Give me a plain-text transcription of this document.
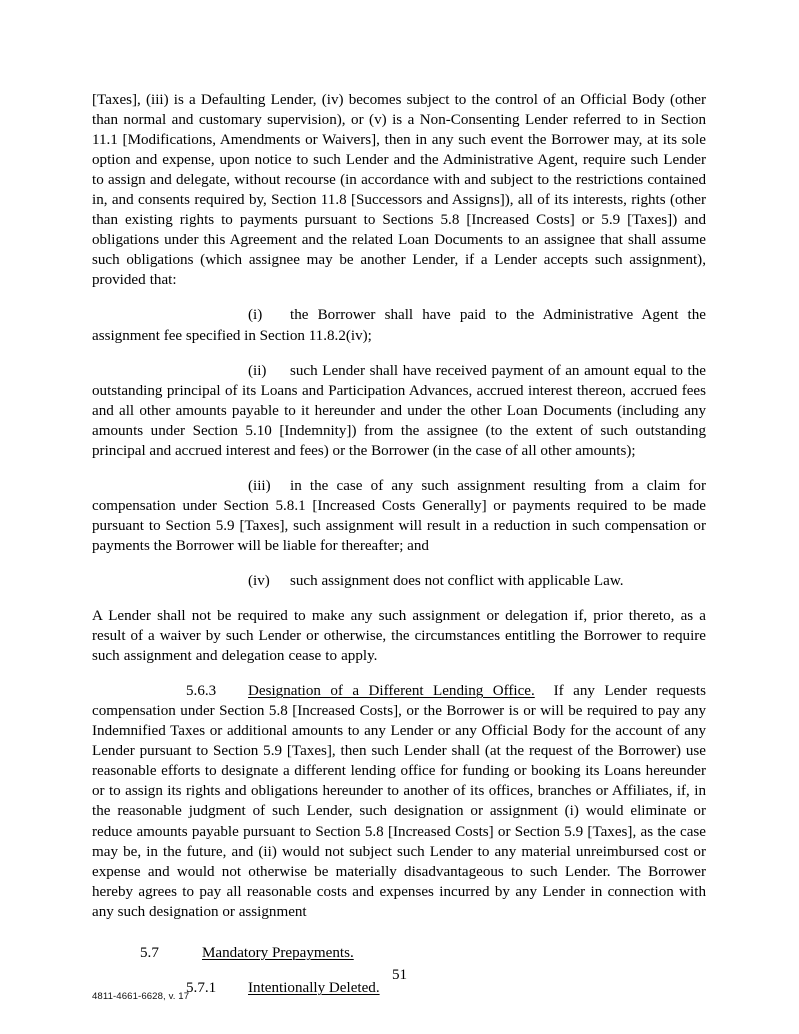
[Taxes], (iii) is a Defaulting Lender, (iv) becomes subject to the control of an Official Body (other than normal and customary supervision), or (v) is a Non-Consenting Lender referred to in Section 11.1 [Modifications, Amendments or Waivers], then in any such event the Borrower may, at its sole option and expense, upon notice to such Lender and the Administrative Agent, require such Lender to assign and delegate, without recourse (in accordance with and subject to the restrictions contained in, and consents required by, Section 11.8 [Successors and Assigns]), all of its interests, rights (other than existing rights to payments pursuant to Sections 5.8 [Increased Costs] or 5.9 [Taxes]) and obligations under this Agreement and the related Loan Documents to an assignee that shall assume such obligations (which assignee may be another Lender, if a Lender accepts such assignment), provided that:

(i) the Borrower shall have paid to the Administrative Agent the assignment fee specified in Section 11.8.2(iv);

(ii) such Lender shall have received payment of an amount equal to the outstanding principal of its Loans and Participation Advances, accrued interest thereon, accrued fees and all other amounts payable to it hereunder and under the other Loan Documents (including any amounts under Section 5.10 [Indemnity]) from the assignee (to the extent of such outstanding principal and accrued interest and fees) or the Borrower (in the case of all other amounts);

(iii) in the case of any such assignment resulting from a claim for compensation under Section 5.8.1 [Increased Costs Generally] or payments required to be made pursuant to Section 5.9 [Taxes], such assignment will result in a reduction in such compensation or payments the Borrower will be liable for thereafter; and

(iv) such assignment does not conflict with applicable Law.

A Lender shall not be required to make any such assignment or delegation if, prior thereto, as a result of a waiver by such Lender or otherwise, the circumstances entitling the Borrower to require such assignment and delegation cease to apply.

5.6.3 Designation of a Different Lending Office. If any Lender requests compensation under Section 5.8 [Increased Costs], or the Borrower is or will be required to pay any Indemnified Taxes or additional amounts to any Lender or any Official Body for the account of any Lender pursuant to Section 5.9 [Taxes], then such Lender shall (at the request of the Borrower) use reasonable efforts to designate a different lending office for funding or booking its Loans hereunder or to assign its rights and obligations hereunder to another of its offices, branches or Affiliates, if, in the reasonable judgment of such Lender, such designation or assignment (i) would eliminate or reduce amounts payable pursuant to Section 5.8 [Increased Costs] or Section 5.9 [Taxes], as the case may be, in the future, and (ii) would not subject such Lender to any material unreimbursed cost or expense and would not otherwise be materially disadvantageous to such Lender. The Borrower hereby agrees to pay all reasonable costs and expenses incurred by any Lender in connection with any such designation or assignment

5.7	Mandatory Prepayments.

5.7.1 Intentionally Deleted.

51
4811-4661-6628, v. 17
